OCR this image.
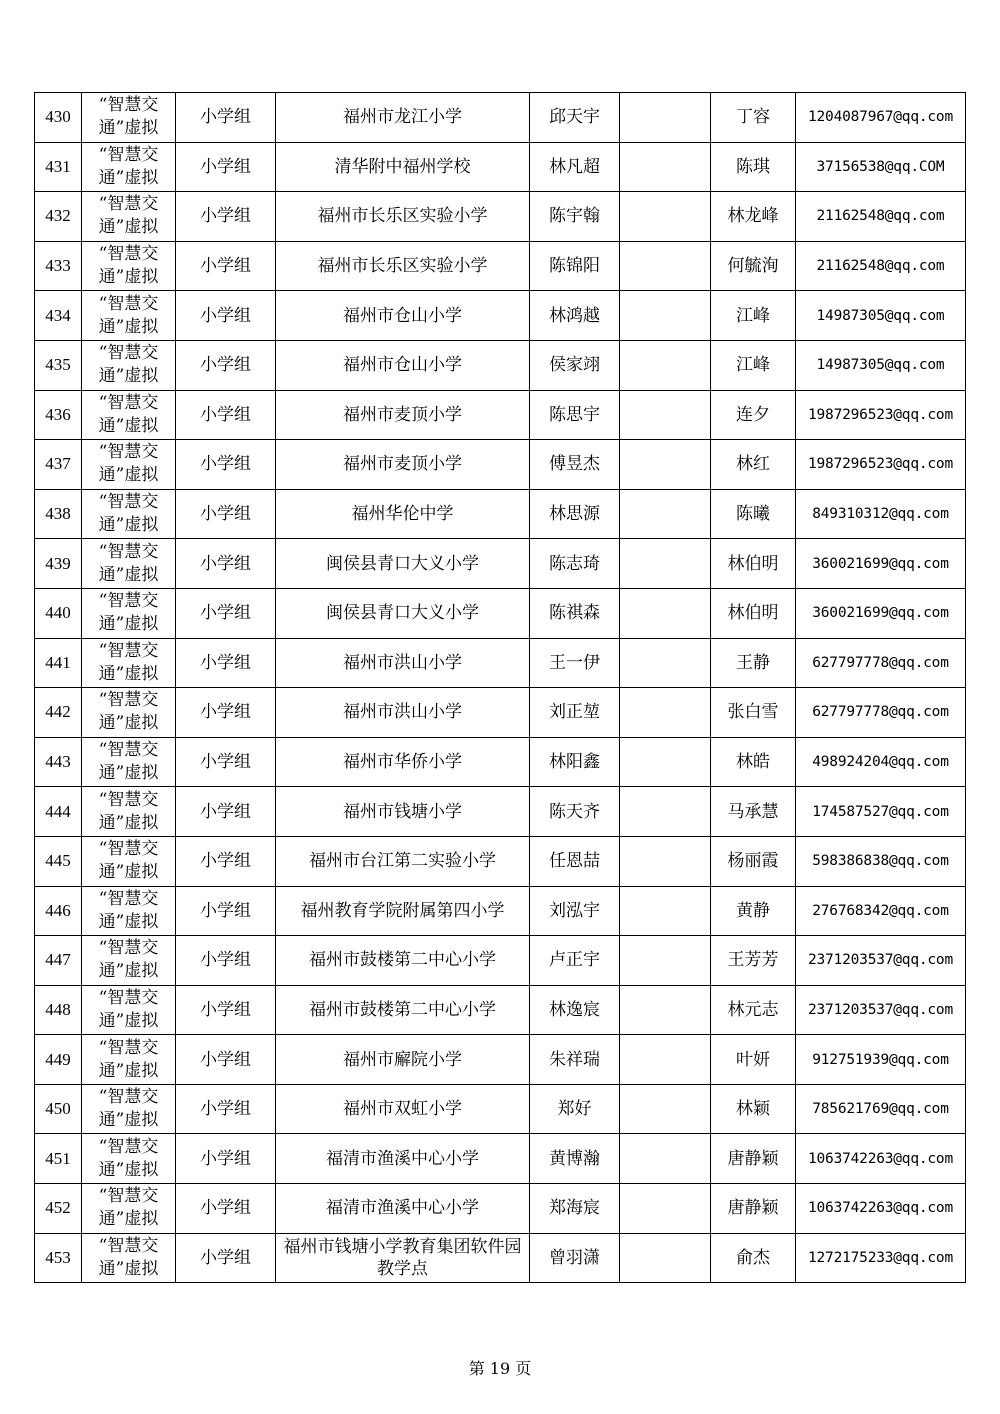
430	“智慧交通”虚拟	小学组	福州市龙江小学	邱天宇		丁容	1204087967@qq.com
431	“智慧交通”虚拟	小学组	清华附中福州学校	林凡超		陈琪	37156538@qq.COM
432	“智慧交通”虚拟	小学组	福州市长乐区实验小学	陈宇翰		林龙峰	21162548@qq.com
433	“智慧交通”虚拟	小学组	福州市长乐区实验小学	陈锦阳		何毓洵	21162548@qq.com
434	“智慧交通”虚拟	小学组	福州市仓山小学	林鸿越		江峰	14987305@qq.com
435	“智慧交通”虚拟	小学组	福州市仓山小学	侯家翊		江峰	14987305@qq.com
436	“智慧交通”虚拟	小学组	福州市麦顶小学	陈思宇		连夕	1987296523@qq.com
437	“智慧交通”虚拟	小学组	福州市麦顶小学	傅昱杰		林红	1987296523@qq.com
438	“智慧交通”虚拟	小学组	福州华伦中学	林思源		陈曦	849310312@qq.com
439	“智慧交通”虚拟	小学组	闽侯县青口大义小学	陈志琦		林伯明	360021699@qq.com
440	“智慧交通”虚拟	小学组	闽侯县青口大义小学	陈祺森		林伯明	360021699@qq.com
441	“智慧交通”虚拟	小学组	福州市洪山小学	王一伊		王静	627797778@qq.com
442	“智慧交通”虚拟	小学组	福州市洪山小学	刘正堃		张白雪	627797778@qq.com
443	“智慧交通”虚拟	小学组	福州市华侨小学	林阳鑫		林皓	498924204@qq.com
444	“智慧交通”虚拟	小学组	福州市钱塘小学	陈天齐		马承慧	174587527@qq.com
445	“智慧交通”虚拟	小学组	福州市台江第二实验小学	任恩喆		杨丽霞	598386838@qq.com
446	“智慧交通”虚拟	小学组	福州教育学院附属第四小学	刘泓宇		黄静	276768342@qq.com
447	“智慧交通”虚拟	小学组	福州市鼓楼第二中心小学	卢正宇		王芳芳	2371203537@qq.com
448	“智慧交通”虚拟	小学组	福州市鼓楼第二中心小学	林逸宸		林元志	2371203537@qq.com
449	“智慧交通”虚拟	小学组	福州市廨院小学	朱祥瑞		叶妍	912751939@qq.com
450	“智慧交通”虚拟	小学组	福州市双虹小学	郑好		林颖	785621769@qq.com
451	“智慧交通”虚拟	小学组	福清市渔溪中心小学	黄博瀚		唐静颖	1063742263@qq.com
452	“智慧交通”虚拟	小学组	福清市渔溪中心小学	郑海宸		唐静颖	1063742263@qq.com
453	“智慧交通”虚拟	小学组	福州市钱塘小学教育集团软件园教学点	曾羽潇		俞杰	1272175233@qq.com
第 19 页
